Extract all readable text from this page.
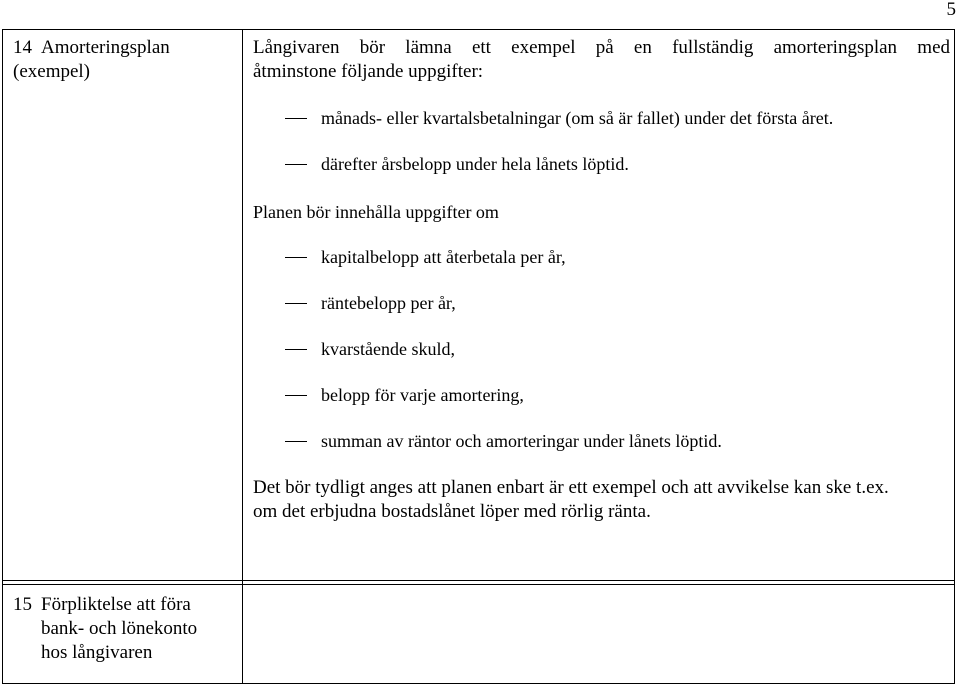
5
14 Amorteringsplan
(exempel)
Långivaren bör lämna ett exempel på en fullständig amorteringsplan med
åtminstone följande uppgifter:
månads- eller kvartalsbetalningar (om så är fallet) under det första året.
därefter årsbelopp under hela lånets löptid.
Planen bör innehålla uppgifter om
kapitalbelopp att återbetala per år,
räntebelopp per år,
kvarstående skuld,
belopp för varje amortering,
summan av räntor och amorteringar under lånets löptid.
Det bör tydligt anges att planen enbart är ett exempel och att avvikelse kan ske t.ex.
om det erbjudna bostadslånet löper med rörlig ränta.
15 Förpliktelse att föra
bank- och lönekonto
hos långivaren
